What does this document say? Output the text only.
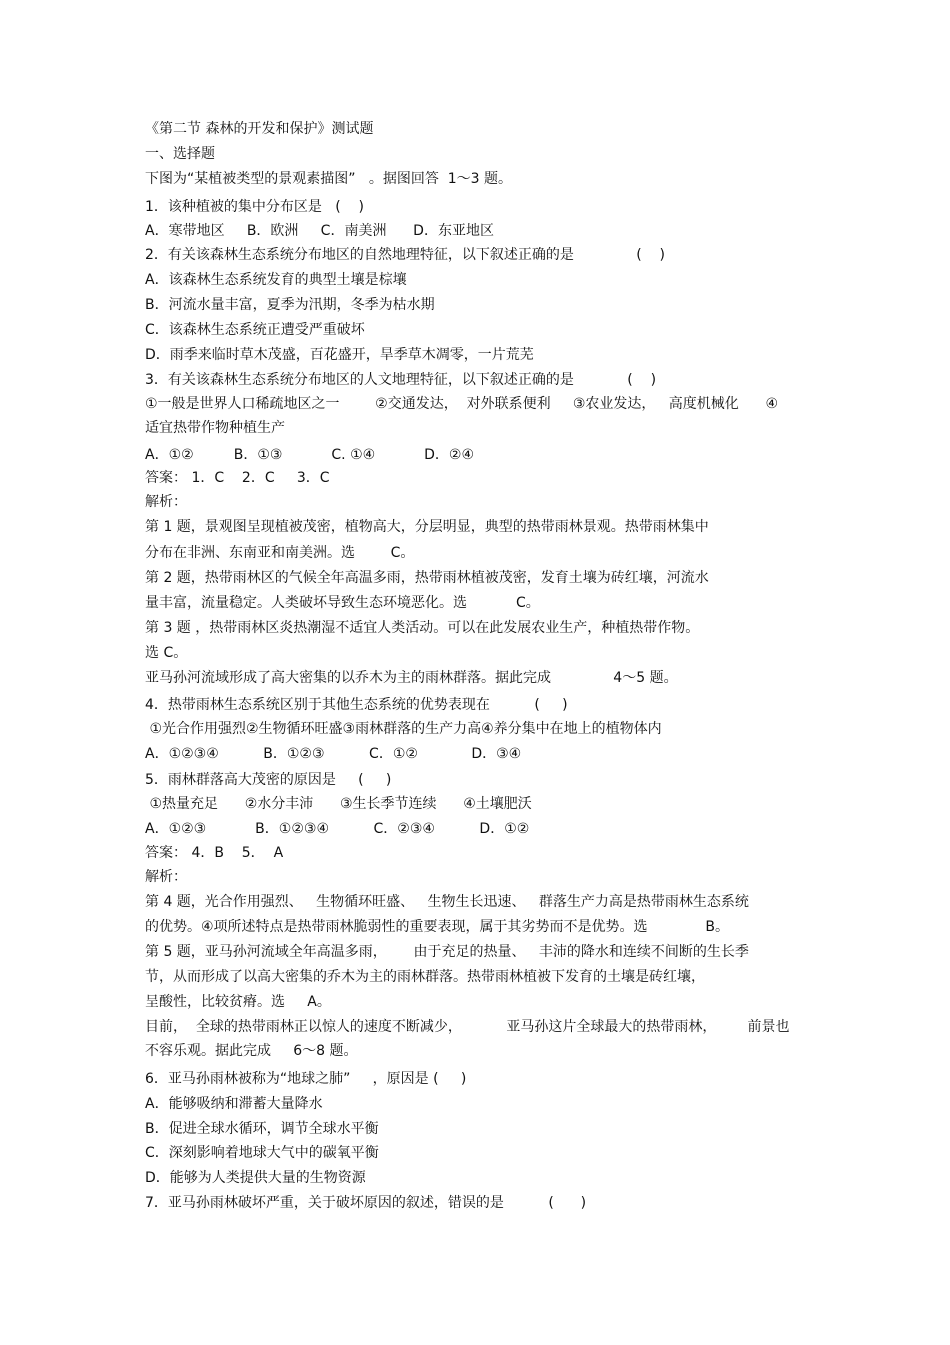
《第二节 森林的开发和保护》测试题
一、选择题
下图为“某植被类型的景观素描图”   。据图回答  1～3 题。
1．该种植被的集中分布区是   (    )
A．寒带地区     B．欧洲     C．南美洲      D．东亚地区
2．有关该森林生态系统分布地区的自然地理特征，以下叙述正确的是              (    )
A．该森林生态系统发育的典型土壤是棕壤
B．河流水量丰富，夏季为汛期，冬季为枯水期
C．该森林生态系统正遭受严重破坏
D．雨季来临时草木茂盛，百花盛开，旱季草木凋零，一片荒芜
3．有关该森林生态系统分布地区的人文地理特征，以下叙述正确的是            (    )
①一般是世界人口稀疏地区之一        ②交通发达，  对外联系便利     ③农业发达，   高度机械化      ④
适宜热带作物种植生产
A．①②         B．①③           C. ①④           D．②④
答案： 1．C    2．C     3．C
解析：
第 1 题，景观图呈现植被茂密，植物高大，分层明显，典型的热带雨林景观。热带雨林集中
分布在非洲、东南亚和南美洲。选        C。
第 2 题，热带雨林区的气候全年高温多雨，热带雨林植被茂密，发育土壤为砖红壤，河流水
量丰富，流量稳定。人类破坏导致生态环境恶化。选           C。
第 3 题 ，热带雨林区炎热潮湿不适宜人类活动。可以在此发展农业生产，种植热带作物。
选 C。
亚马孙河流域形成了高大密集的以乔木为主的雨林群落。据此完成              4～5 题。
4．热带雨林生态系统区别于其他生态系统的优势表现在          (     )
①光合作用强烈②生物循环旺盛③雨林群落的生产力高④养分集中在地上的植物体内
A．①②③④          B．①②③          C．①②            D．③④
5．雨林群落高大茂密的原因是     (     )
①热量充足      ②水分丰沛      ③生长季节连续      ④土壤肥沃
A．①②③           B．①②③④          C．②③④          D．①②
答案： 4．B    5．  A
解析：
第 4 题，光合作用强烈、   生物循环旺盛、   生物生长迅速、   群落生产力高是热带雨林生态系统
的优势。④项所述特点是热带雨林脆弱性的重要表现，属于其劣势而不是优势。选             B。
第 5 题，亚马孙河流域全年高温多雨，      由于充足的热量、   丰沛的降水和连续不间断的生长季
节，从而形成了以高大密集的乔木为主的雨林群落。热带雨林植被下发育的土壤是砖红壤，
呈酸性，比较贫瘠。选     A。
目前，  全球的热带雨林正以惊人的速度不断减少，          亚马孙这片全球最大的热带雨林，       前景也
不容乐观。据此完成     6～8 题。
6．亚马孙雨林被称为“地球之肺”     ，原因是 (     )
A．能够吸纳和滞蓄大量降水
B．促进全球水循环，调节全球水平衡
C．深刻影响着地球大气中的碳氧平衡
D．能够为人类提供大量的生物资源
7．亚马孙雨林破坏严重，关于破坏原因的叙述，错误的是          (      )
